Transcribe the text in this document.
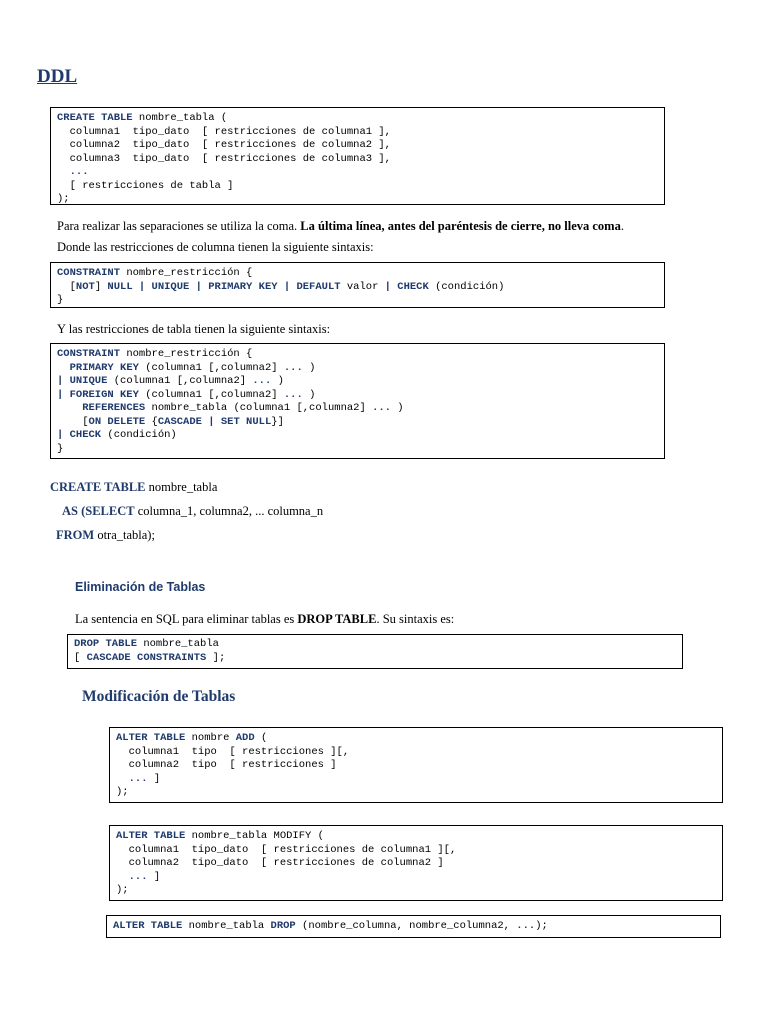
DDL
CREATE TABLE nombre_tabla (
columna1  tipo_dato  [ restricciones de columna1 ],
columna2  tipo_dato  [ restricciones de columna2 ],
columna3  tipo_dato  [ restricciones de columna3 ],
...
[ restricciones de tabla ]
);
Para realizar las separaciones se utiliza la coma. La última línea, antes del paréntesis de cierre, no lleva coma.
Donde las restricciones de columna tienen la siguiente sintaxis:
CONSTRAINT nombre_restricción {
[NOT] NULL | UNIQUE | PRIMARY KEY | DEFAULT valor | CHECK (condición)
}
Y las restricciones de tabla tienen la siguiente sintaxis:
CONSTRAINT nombre_restricción {
PRIMARY KEY (columna1 [,columna2] ... )
| UNIQUE (columna1 [,columna2] ... )
| FOREIGN KEY (columna1 [,columna2] ... )
REFERENCES nombre_tabla (columna1 [,columna2] ... )
[ON DELETE {CASCADE | SET NULL}]
| CHECK (condición)
}
CREATE TABLE nombre_tabla
AS (SELECT columna_1, columna2, ... columna_n
FROM otra_tabla);
Eliminación de Tablas
La sentencia en SQL para eliminar tablas es DROP TABLE. Su sintaxis es:
DROP TABLE nombre_tabla
[ CASCADE CONSTRAINTS ];
Modificación de Tablas
ALTER TABLE nombre ADD (
columna1  tipo  [ restricciones ][,
columna2  tipo  [ restricciones ]
... ]
);
ALTER TABLE nombre_tabla MODIFY (
columna1  tipo_dato  [ restricciones de columna1 ][,
columna2  tipo_dato  [ restricciones de columna2 ]
... ]
);
ALTER TABLE nombre_tabla DROP (nombre_columna, nombre_columna2, ...);
